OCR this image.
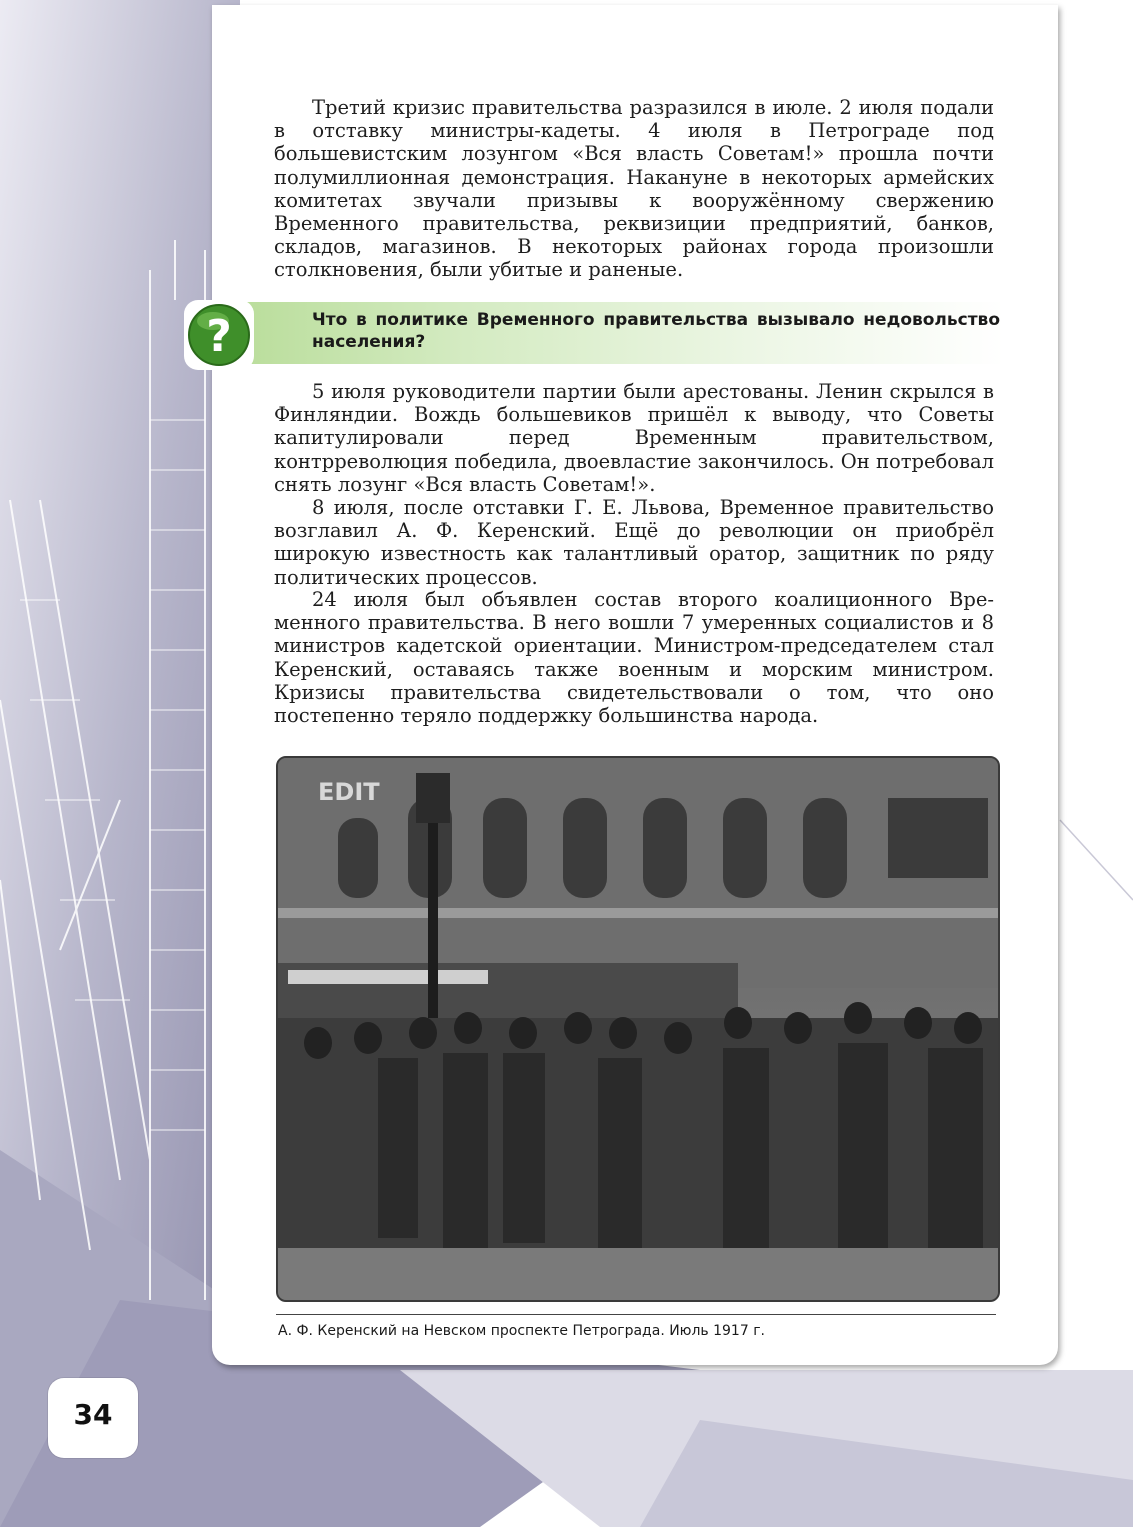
Третий кризис правительства разразился в июле. 2 июля подали в отставку министры-кадеты. 4 июля в Петрограде под большевистским лозунгом «Вся власть Советам!» прошла почти полумиллионная демонстрация. Накануне в некоторых армейских комитетах звучали призывы к вооружённому свержению Временного правительства, реквизиции предприятий, банков, складов, магазинов. В некоторых районах города произошли столкновения, были убитые и раненые.

?	Что в политике Временного правительства вызывало недовольство населения?

5 июля руководители партии были арестованы. Ленин скрылся в Финляндии. Вождь большевиков пришёл к выводу, что Советы капитулировали перед Временным правительством, контрреволюция победила, двоевластие закончилось. Он потребовал снять лозунг «Вся власть Советам!».

8 июля, после отставки Г. Е. Львова, Временное правительство возглавил А. Ф. Керенский. Ещё до революции он приобрёл широкую известность как талантливый оратор, защитник по ряду политических процессов.

24 июля был объявлен состав второго коалиционного Временного правительства. В него вошли 7 умеренных социалистов и 8 министров кадетской ориентации. Министром-председателем стал Керенский, оставаясь также военным и морским министром. Кризисы правительства свидетельствовали о том, что оно постепенно теряло поддержку большинства народа.

EDIT

А. Ф. Керенский на Невском проспекте Петрограда. Июль 1917 г.

34
